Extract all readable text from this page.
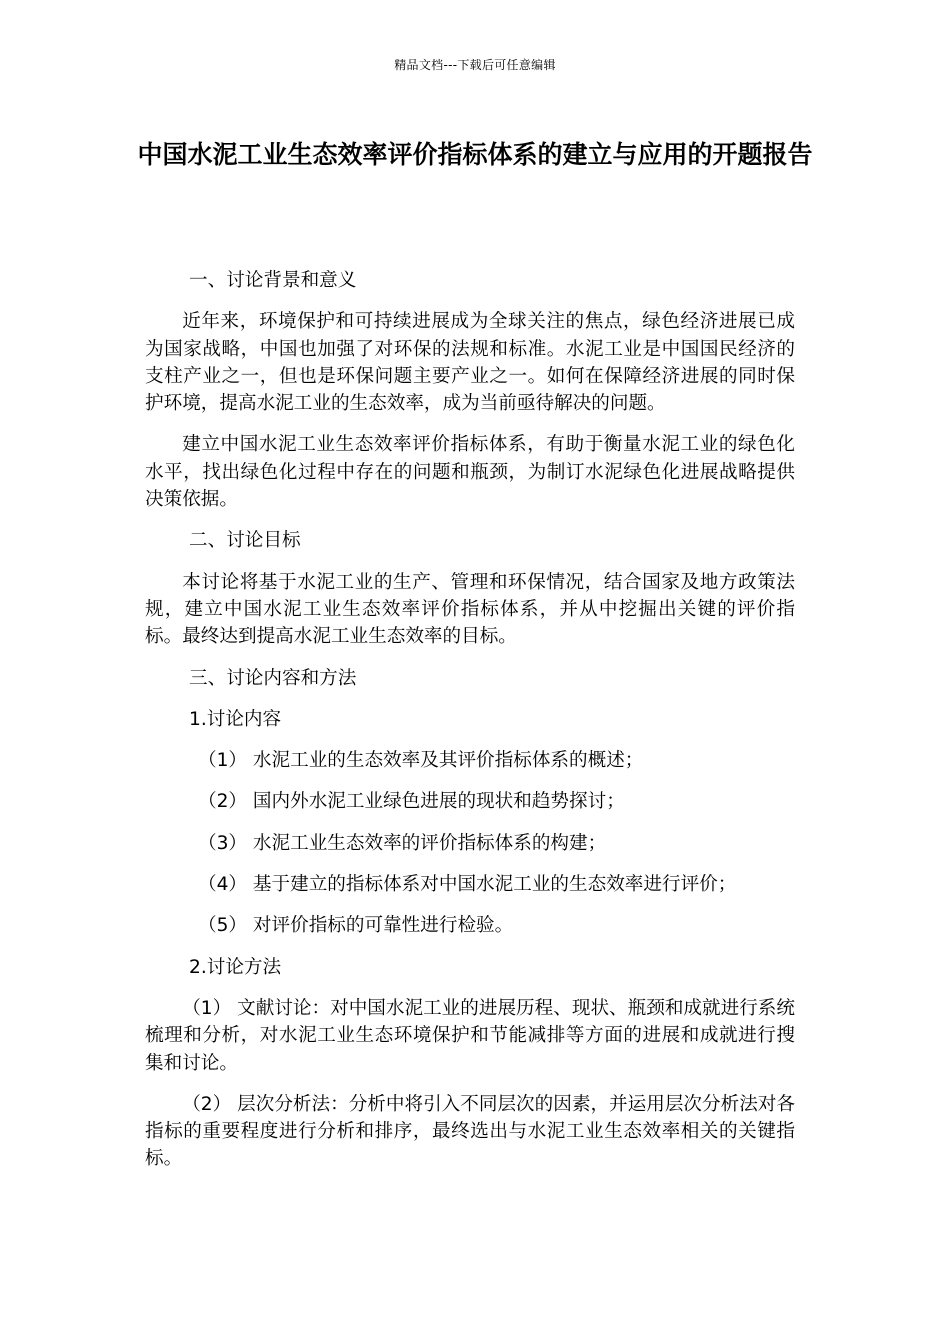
精品文档---下载后可任意编辑
中国水泥工业生态效率评价指标体系的建立与应用的开题报告

一、讨论背景和意义

近年来，环境保护和可持续进展成为全球关注的焦点，绿色经济进展已成为国家战略，中国也加强了对环保的法规和标准。水泥工业是中国国民经济的支柱产业之一，但也是环保问题主要产业之一。如何在保障经济进展的同时保护环境，提高水泥工业的生态效率，成为当前亟待解决的问题。

建立中国水泥工业生态效率评价指标体系，有助于衡量水泥工业的绿色化水平，找出绿色化过程中存在的问题和瓶颈，为制订水泥绿色化进展战略提供决策依据。

二、讨论目标

本讨论将基于水泥工业的生产、管理和环保情况，结合国家及地方政策法规，建立中国水泥工业生态效率评价指标体系，并从中挖掘出关键的评价指标。最终达到提高水泥工业生态效率的目标。

三、讨论内容和方法

1.讨论内容

（1） 水泥工业的生态效率及其评价指标体系的概述；

（2） 国内外水泥工业绿色进展的现状和趋势探讨；

（3） 水泥工业生态效率的评价指标体系的构建；

（4） 基于建立的指标体系对中国水泥工业的生态效率进行评价；

（5） 对评价指标的可靠性进行检验。

2.讨论方法

（1） 文献讨论：对中国水泥工业的进展历程、现状、瓶颈和成就进行系统梳理和分析，对水泥工业生态环境保护和节能减排等方面的进展和成就进行搜集和讨论。

（2） 层次分析法：分析中将引入不同层次的因素，并运用层次分析法对各指标的重要程度进行分析和排序，最终选出与水泥工业生态效率相关的关键指标。
